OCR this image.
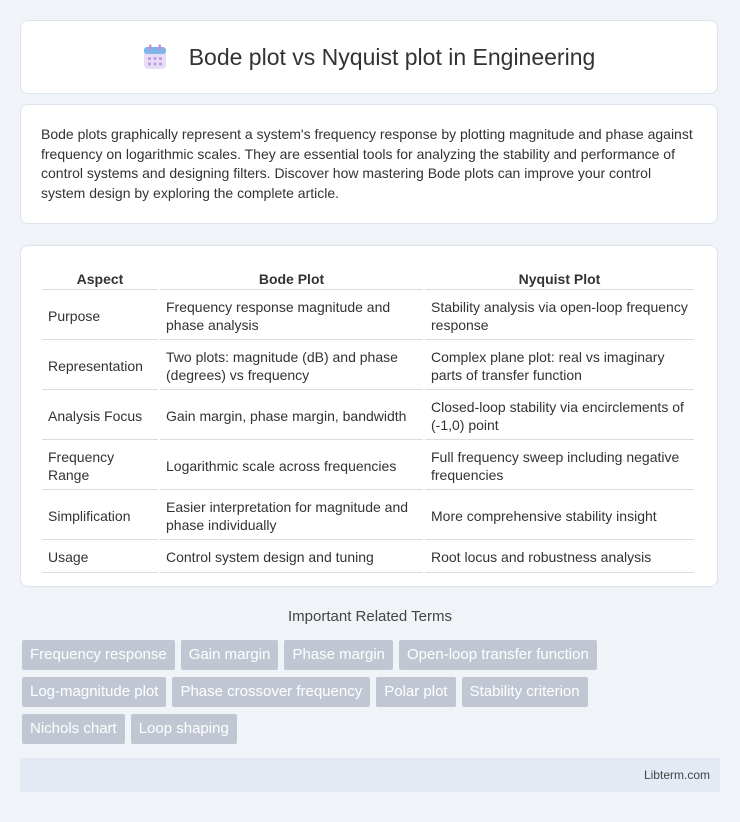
Bode plot vs Nyquist plot in Engineering

Bode plots graphically represent a system's frequency response by plotting magnitude and phase against frequency on logarithmic scales. They are essential tools for analyzing the stability and performance of control systems and designing filters. Discover how mastering Bode plots can improve your control system design by exploring the complete article.

Aspect	Bode Plot	Nyquist Plot
Purpose	Frequency response magnitude and phase analysis	Stability analysis via open-loop frequency response
Representation	Two plots: magnitude (dB) and phase (degrees) vs frequency	Complex plane plot: real vs imaginary parts of transfer function
Analysis Focus	Gain margin, phase margin, bandwidth	Closed-loop stability via encirclements of (-1,0) point
Frequency Range	Logarithmic scale across frequencies	Full frequency sweep including negative frequencies
Simplification	Easier interpretation for magnitude and phase individually	More comprehensive stability insight
Usage	Control system design and tuning	Root locus and robustness analysis
Important Related Terms
Frequency response	Gain margin	Phase margin	Open-loop transfer function
Log-magnitude plot	Phase crossover frequency	Polar plot	Stability criterion
Nichols chart	Loop shaping
Libterm.com
